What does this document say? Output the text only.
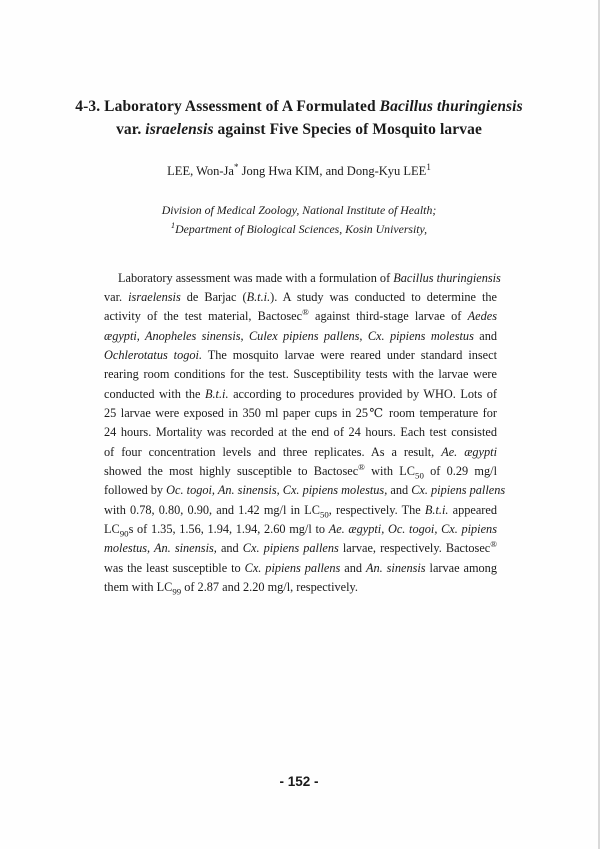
4-3. Laboratory Assessment of A Formulated Bacillus thuringiensis
var. israelensis against Five Species of Mosquito larvae
LEE, Won-Ja* Jong Hwa KIM, and Dong-Kyu LEE$^1$
Division of Medical Zoology, National Institute of Health;
$^1$Department of Biological Sciences, Kosin University,
Laboratory assessment was made with a formulation of Bacillus thuringiensis
var. israelensis de Barjac (B.t.i.). A study was conducted to determine the
activity of the test material, Bactosec® against third-stage larvae of Aedes
ægypti, Anopheles sinensis, Culex pipiens pallens, Cx. pipiens molestus and
Ochlerotatus togoi. The mosquito larvae were reared under standard insect
rearing room conditions for the test. Susceptibility tests with the larvae were
conducted with the B.t.i. according to procedures provided by WHO. Lots of
25 larvae were exposed in 350 ml paper cups in 25℃ room temperature for
24 hours. Mortality was recorded at the end of 24 hours. Each test consisted
of four concentration levels and three replicates. As a result, Ae. ægypti
showed the most highly susceptible to Bactosec® with $LC_{50}$ of 0.29 mg/l
followed by Oc. togoi, An. sinensis, Cx. pipiens molestus, and Cx. pipiens pallens
with 0.78, 0.80, 0.90, and 1.42 mg/l in $LC_{50}$, respectively. The B.t.i. appeared
$LC_{90}s$ of 1.35, 1.56, 1.94, 1.94, 2.60 mg/l to Ae. ægypti, Oc. togoi, Cx. pipiens
molestus, An. sinensis, and Cx. pipiens pallens larvae, respectively. Bactosec®
was the least susceptible to Cx. pipiens pallens and An. sinensis larvae among
them with $LC_{99}$ of 2.87 and 2.20 mg/l, respectively.
- 152 -
